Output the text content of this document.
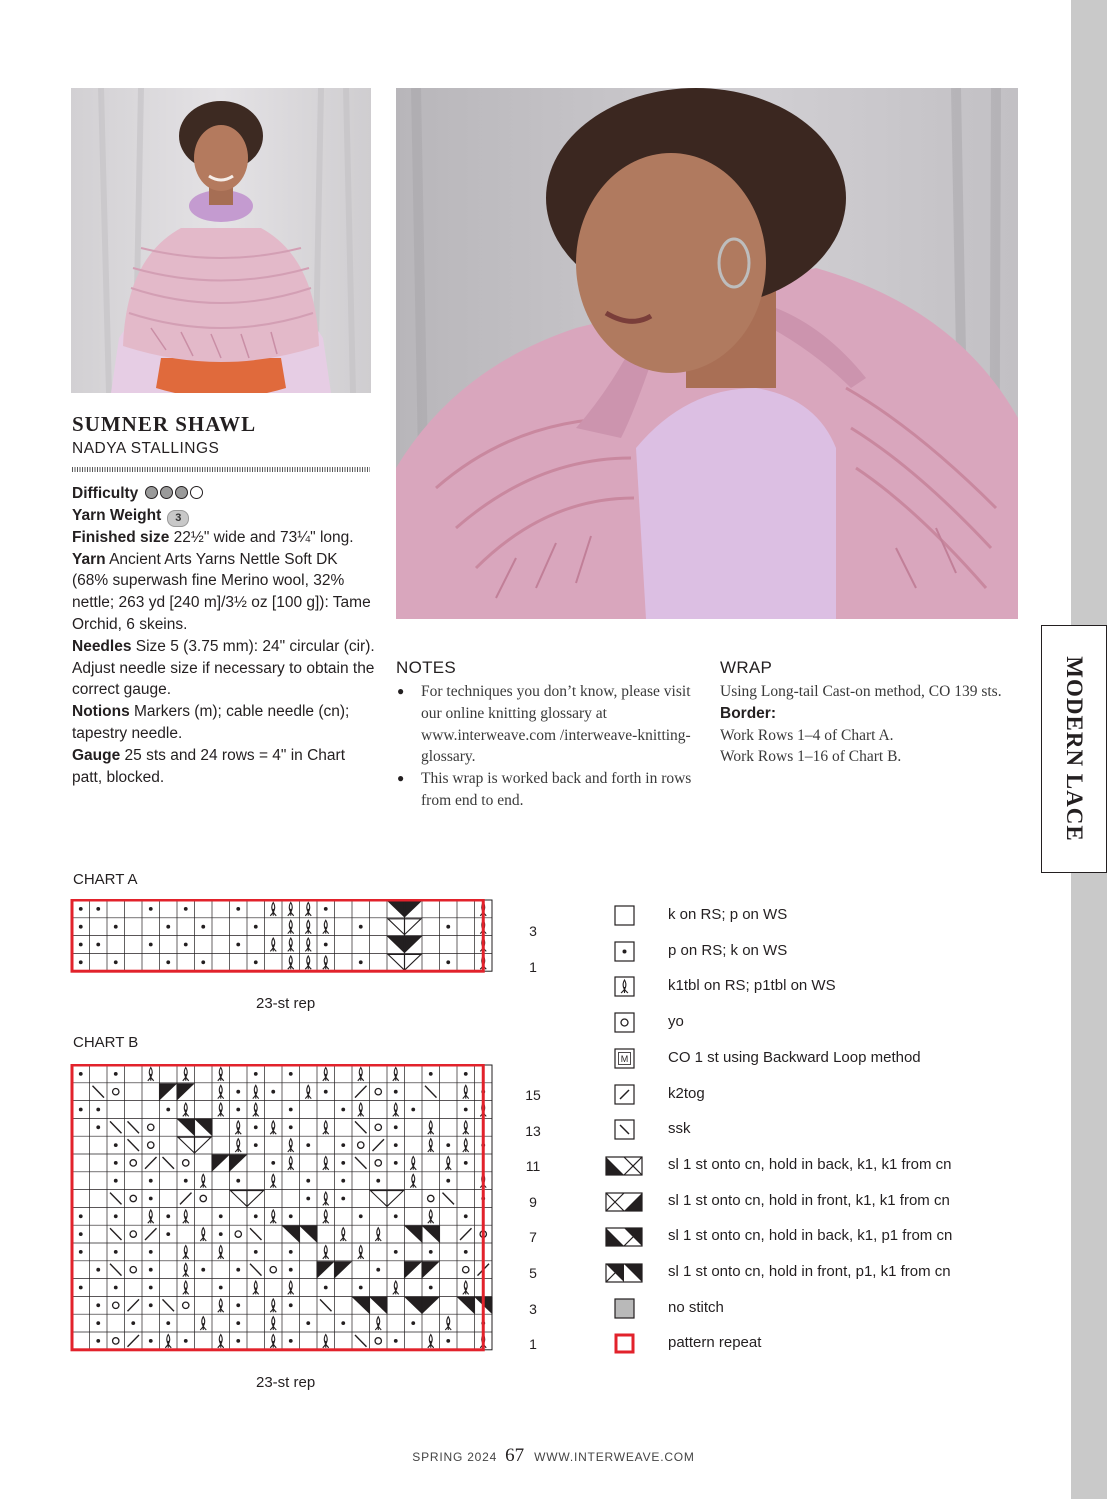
MODERN LACE
SUMNER SHAWL
NADYA STALLINGS

Difficulty

Yarn Weight 3

Finished size 22½" wide and 73¼" long.

Yarn Ancient Arts Yarns Nettle Soft DK (68% superwash fine Merino wool, 32% nettle; 263 yd [240 m]/3½ oz [100 g]): Tame Orchid, 6 skeins.

Needles Size 5 (3.75 mm): 24" circular (cir). Adjust needle size if necessary to obtain the correct gauge.

Notions Markers (m); cable needle (cn); tapestry needle.

Gauge 25 sts and 24 rows = 4" in Chart patt, blocked.

NOTES
● For techniques you don’t know, please visit our online knitting glossary at www.interweave.com /interweave-knitting-glossary.
● This wrap is worked back and forth in rows from end to end.
WRAP
Using Long-tail Cast-on method, CO 139 sts.
Border:
Work Rows 1–4 of Chart A.
Work Rows 1–16 of Chart B.
CHART A
3
1
23-st rep
CHART B
15
13
11
9
7
5
3
1
23-st rep
k on RS; p on WS
p on RS; k on WS
k1tbl on RS; p1tbl on WS
yo
M	CO 1 st using Backward Loop method
k2tog
ssk
sl 1 st onto cn, hold in back, k1, k1 from cn
sl 1 st onto cn, hold in front, k1, k1 from cn
sl 1 st onto cn, hold in back, k1, p1 from cn
sl 1 st onto cn, hold in front, p1, k1 from cn
no stitch
pattern repeat
SPRING 2024 67 WWW.INTERWEAVE.COM
